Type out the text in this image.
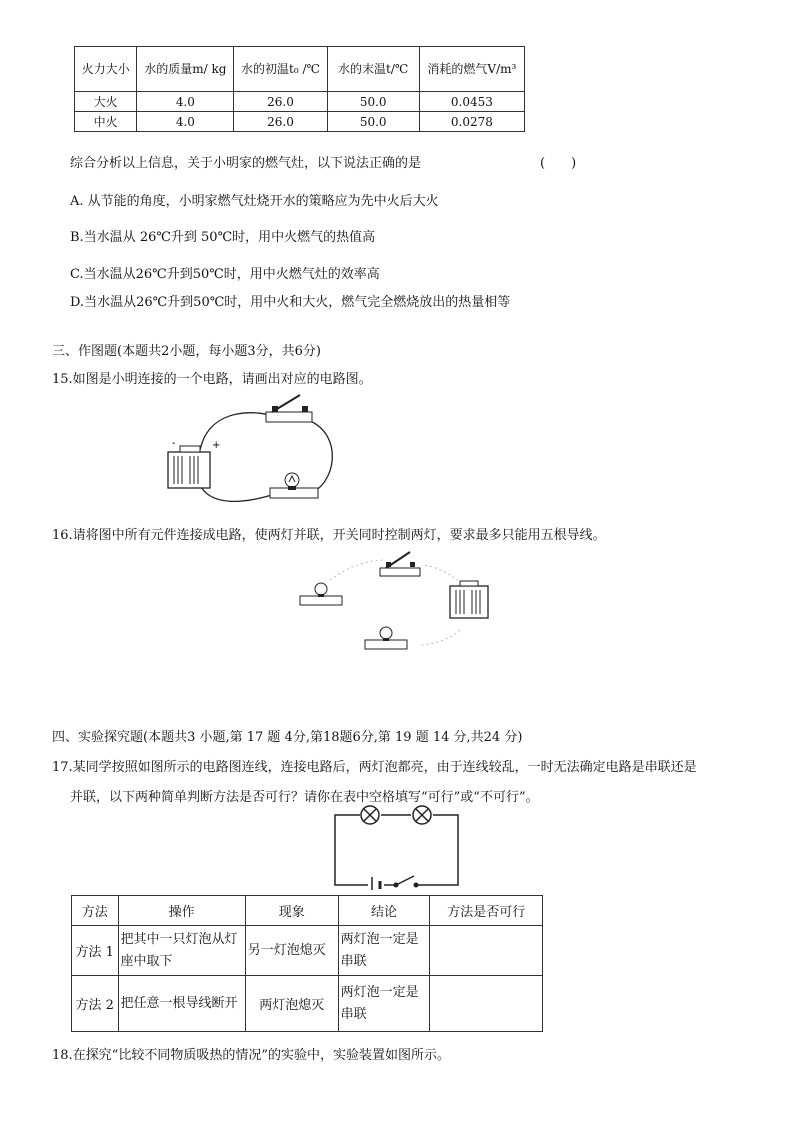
火力大小	水的质量m/ kg	水的初温t₀ /℃	水的末温t/℃	消耗的燃气V/m³
大火	4.0	26.0	50.0	0.0453
中火	4.0	26.0	50.0	0.0278
综合分析以上信息，关于小明家的燃气灶，以下说法正确的是	(　　)
A. 从节能的角度，小明家燃气灶烧开水的策略应为先中火后大火
B.当水温从 26℃升到 50℃时，用中火燃气的热值高
C.当水温从26℃升到50℃时，用中火燃气灶的效率高
D.当水温从26℃升到50℃时，用中火和大火，燃气完全燃烧放出的热量相等
三、作图题(本题共2小题，每小题3分，共6分)
15.如图是小明连接的一个电路，请画出对应的电路图。
-	+
16.请将图中所有元件连接成电路，使两灯并联，开关同时控制两灯，要求最多只能用五根导线。
四、实验探究题(本题共3 小题,第 17 题 4分,第18题6分,第 19 题 14 分,共24 分)
17.某同学按照如图所示的电路图连线，连接电路后，两灯泡都亮，由于连线较乱，一时无法确定电路是串联还是
并联，以下两种简单判断方法是否可行？请你在表中空格填写“可行”或“不可行”。
方法	操作	现象	结论	方法是否可行
方法 1	把其中一只灯泡从灯座中取下	另一灯泡熄灭	两灯泡一定是串联	
方法 2	把任意一根导线断开	两灯泡熄灭	两灯泡一定是串联	
18.在探究“比较不同物质吸热的情况”的实验中，实验装置如图所示。
